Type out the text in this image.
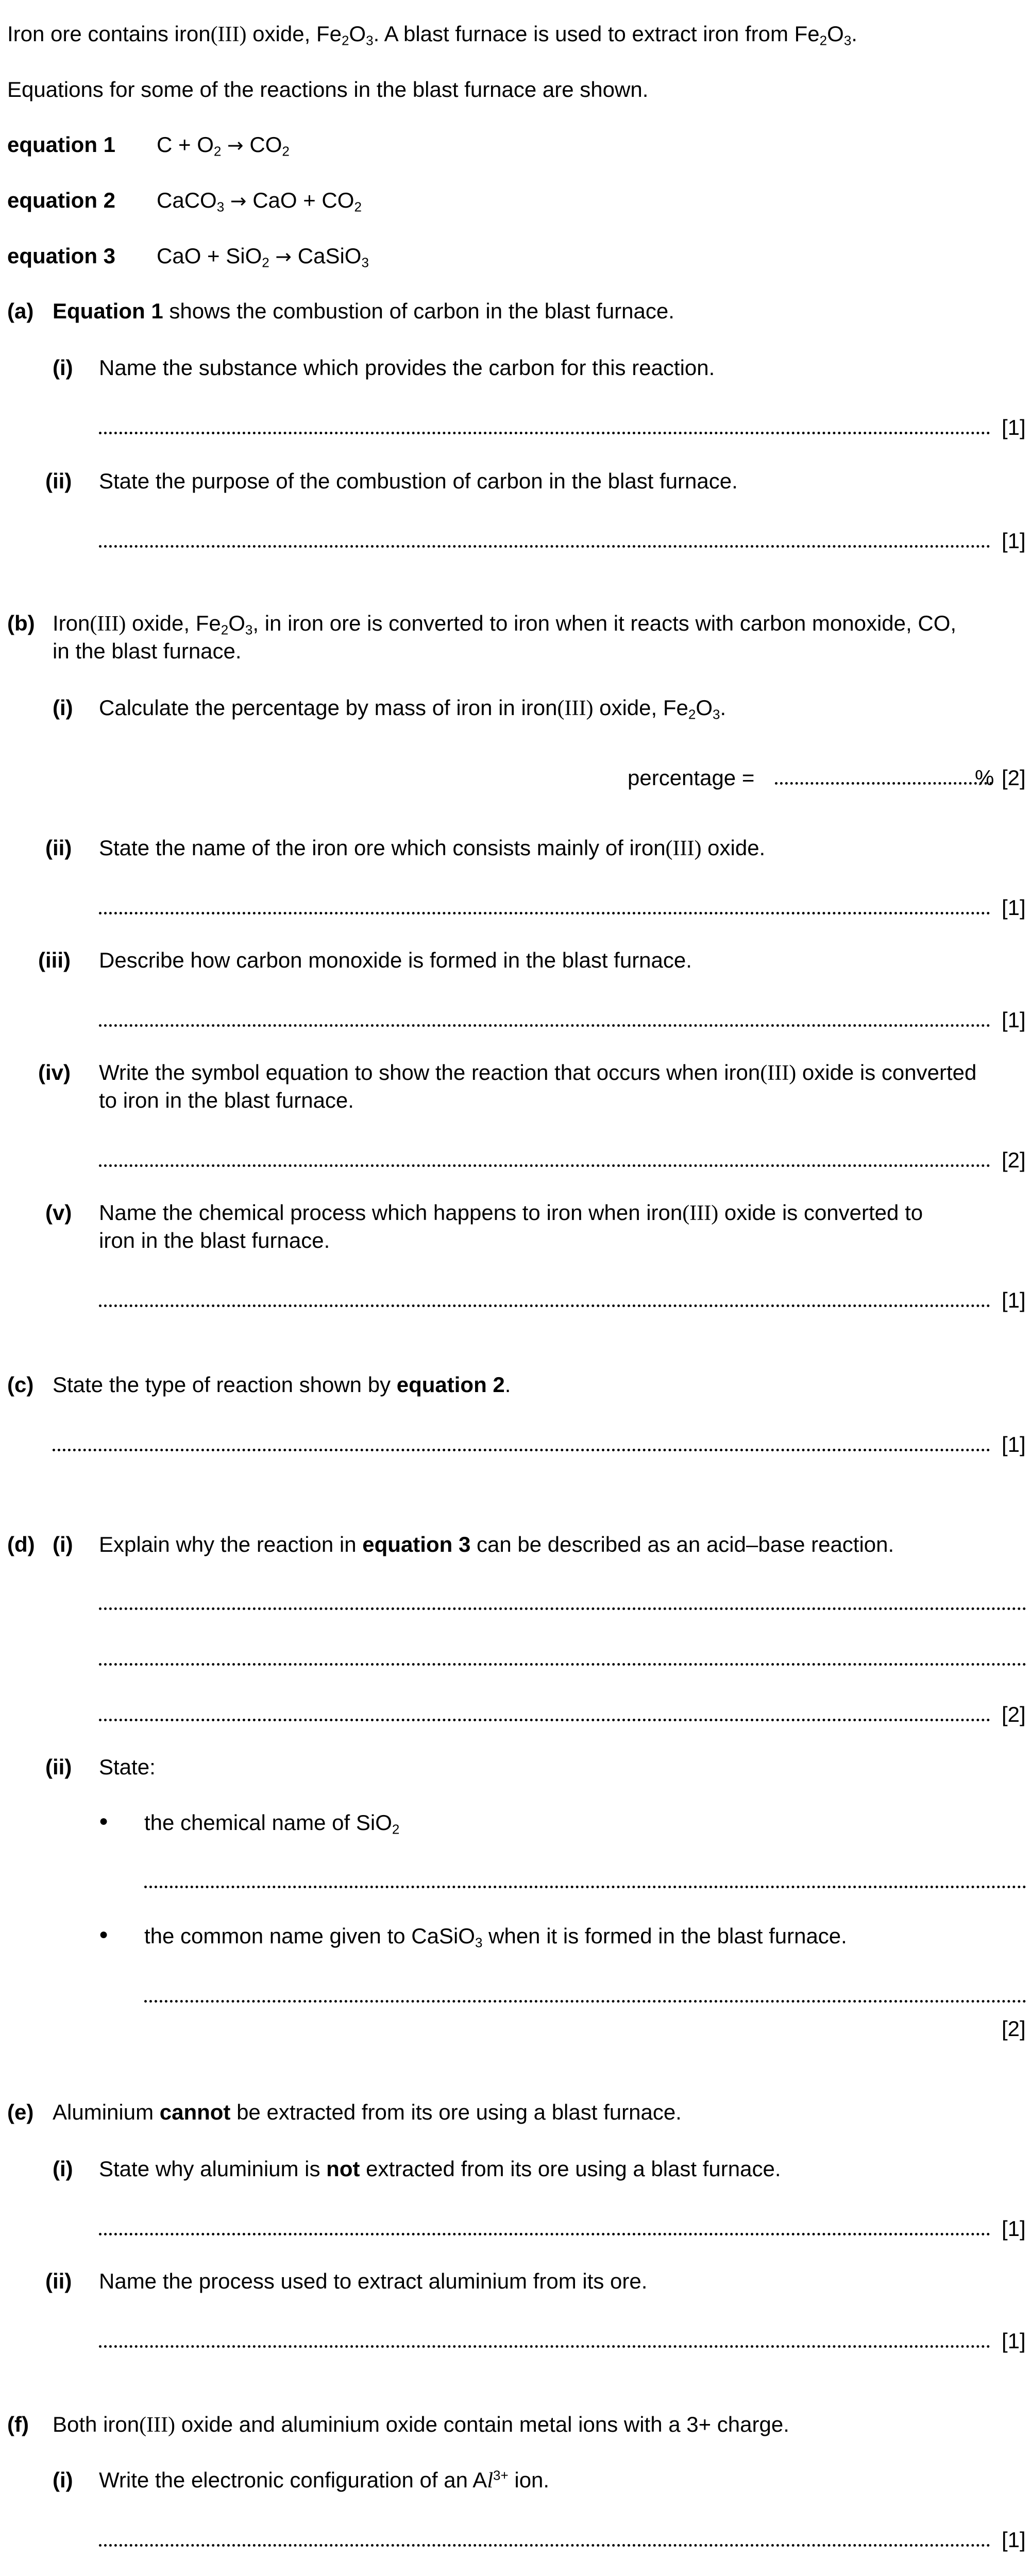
Iron ore contains iron(III) oxide, $Fe_2O_3$. A blast furnace is used to extract iron from $Fe_2O_3$.
Equations for some of the reactions in the blast furnace are shown.
equation 1 $C + O_2 \to CO_2$
equation 2 CaCO$_3$ → CaO + $CO_2$
equation 3 CaO + SiO$_2$ → CaSiO$_3$
(a) Equation 1 shows the combustion of carbon in the blast furnace.
(i) Name the substance which provides the carbon for this reaction.
[1]
(ii) State the purpose of the combustion of carbon in the blast furnace.
[1]
(b) Iron(III) oxide, $Fe_2O_3$, in iron ore is converted to iron when it reacts with carbon monoxide, CO,
in the blast furnace.
(i) Calculate the percentage by mass of iron in iron(III) oxide, $Fe_2O_3$.
percentage =	% [2]
(ii) State the name of the iron ore which consists mainly of iron(III) oxide.
[1]
(iii) Describe how carbon monoxide is formed in the blast furnace.
[1]
(iv) Write the symbol equation to show the reaction that occurs when iron(III) oxide is converted
to iron in the blast furnace.
[2]
(v) Name the chemical process which happens to iron when iron(III) oxide is converted to
iron in the blast furnace.
[1]
(c) State the type of reaction shown by equation 2.
[1]
(d) (i) Explain why the reaction in equation 3 can be described as an acid–base reaction.
[2]
(ii) State:
● the chemical name of SiO$_2$
● the common name given to CaSiO$_3$ when it is formed in the blast furnace.
[2]
(e) Aluminium cannot be extracted from its ore using a blast furnace.
(i) State why aluminium is not extracted from its ore using a blast furnace.
[1]
(ii) Name the process used to extract aluminium from its ore.
[1]
(f) Both iron(III) oxide and aluminium oxide contain metal ions with a 3+ charge.
(i) Write the electronic configuration of an $Al^{3+}$ ion.
[1]
